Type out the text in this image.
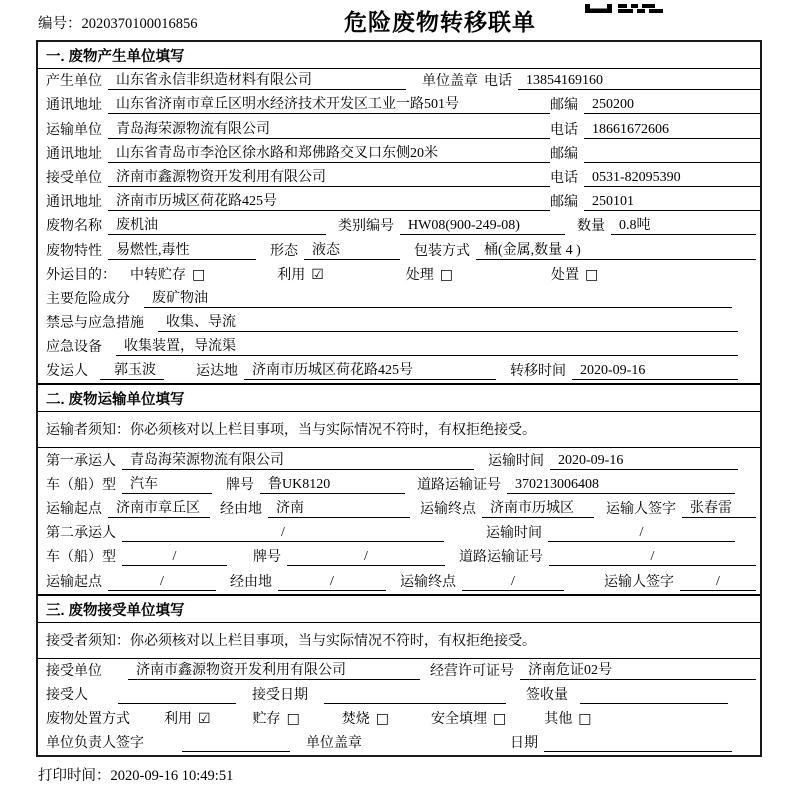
编号：2020370100016856	危险废物转移联单
一. 废物产生单位填写
产生单位	山东省永信非织造材料有限公司	单位盖章 电话	13854169160
通讯地址	山东省济南市章丘区明水经济技术开发区工业一路501号	邮编	250200
运输单位	青岛海荣源物流有限公司	电话	18661672606
通讯地址	山东省青岛市李沧区徐水路和郑佛路交叉口东侧20米	邮编
接受单位	济南市鑫源物资开发利用有限公司	电话	0531-82095390
通讯地址	济南市历城区荷花路425号	邮编	250101
废物名称	废机油	类别编号	HW08(900-249-08)	数量	0.8吨
废物特性	易燃性,毒性	形态	液态	包装方式	桶(金属,数量 4 )
外运目的： 中转贮存 □	利用 ☑	处理 □	处置 □
主要危险成分	废矿物油
禁忌与应急措施	收集、导流
应急设备	收集装置，导流渠
发运人	郭玉波	运达地	济南市历城区荷花路425号	转移时间	2020-09-16
二. 废物运输单位填写
运输者须知：你必须核对以上栏目事项，当与实际情况不符时，有权拒绝接受。
第一承运人	青岛海荣源物流有限公司	运输时间	2020-09-16
车（船）型	汽车	牌号	鲁UK8120	道路运输证号	370213006408
运输起点	济南市章丘区	经由地	济南	运输终点	济南市历城区	运输人签字	张春雷
第二承运人	/	运输时间	/
车（船）型	/	牌号	/	道路运输证号	/
运输起点	/	经由地	/	运输终点	/	运输人签字	/
三. 废物接受单位填写
接受者须知：你必须核对以上栏目事项，当与实际情况不符时，有权拒绝接受。
接受单位	济南市鑫源物资开发利用有限公司	经营许可证号	济南危证02号
接受人	接受日期	签收量
废物处置方式 利用 ☑	贮存 □	焚烧 □	安全填埋 □	其他 □
单位负责人签字	单位盖章	日期
打印时间：2020-09-16 10:49:51
